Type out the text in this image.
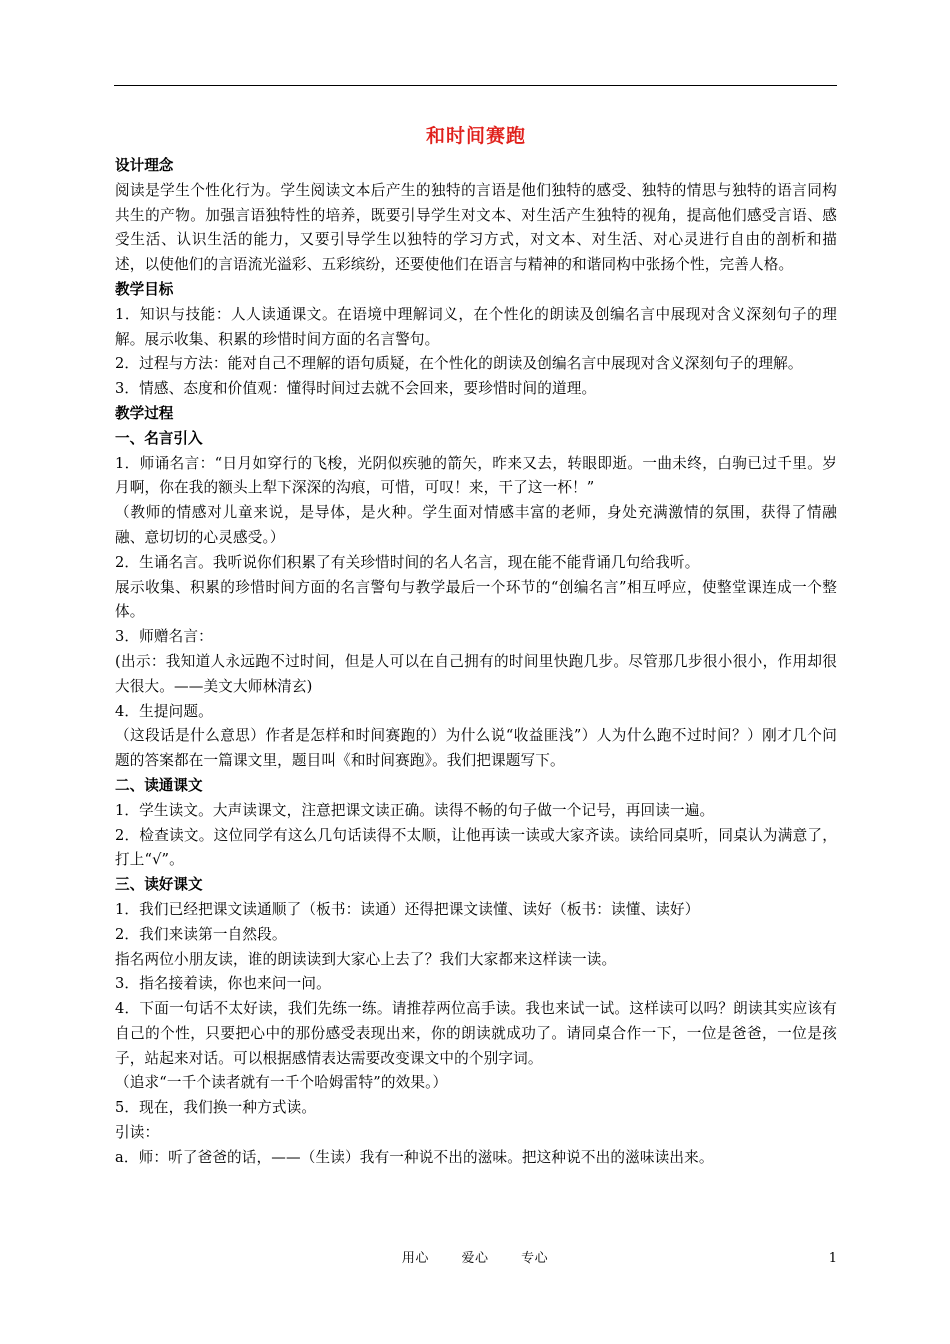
和时间赛跑
设计理念
阅读是学生个性化行为。学生阅读文本后产生的独特的言语是他们独特的感受、独特的情思与独特的语言同构共生的产物。加强言语独特性的培养，既要引导学生对文本、对生活产生独特的视角，提高他们感受言语、感受生活、认识生活的能力，又要引导学生以独特的学习方式，对文本、对生活、对心灵进行自由的剖析和描述，以使他们的言语流光溢彩、五彩缤纷，还要使他们在语言与精神的和谐同构中张扬个性，完善人格。
教学目标
1．知识与技能：人人读通课文。在语境中理解词义，在个性化的朗读及创编名言中展现对含义深刻句子的理解。展示收集、积累的珍惜时间方面的名言警句。
2．过程与方法：能对自己不理解的语句质疑，在个性化的朗读及创编名言中展现对含义深刻句子的理解。
3．情感、态度和价值观：懂得时间过去就不会回来，要珍惜时间的道理。
教学过程
一、名言引入
1．师诵名言：“日月如穿行的飞梭，光阴似疾驰的箭矢，昨来又去，转眼即逝。一曲未终，白驹已过千里。岁月啊，你在我的额头上犁下深深的沟痕，可惜，可叹！来，干了这一杯！”
（教师的情感对儿童来说，是导体，是火种。学生面对情感丰富的老师，身处充满激情的氛围，获得了情融融、意切切的心灵感受。）
2．生诵名言。我听说你们积累了有关珍惜时间的名人名言，现在能不能背诵几句给我听。
展示收集、积累的珍惜时间方面的名言警句与教学最后一个环节的“创编名言”相互呼应，使整堂课连成一个整体。
3．师赠名言：
(出示：我知道人永远跑不过时间，但是人可以在自己拥有的时间里快跑几步。尽管那几步很小很小，作用却很大很大。——美文大师林清玄)
4．生提问题。
（这段话是什么意思）作者是怎样和时间赛跑的）为什么说“收益匪浅”）人为什么跑不过时间？）刚才几个问题的答案都在一篇课文里，题目叫《和时间赛跑》。我们把课题写下。
二、读通课文
1．学生读文。大声读课文，注意把课文读正确。读得不畅的句子做一个记号，再回读一遍。
2．检查读文。这位同学有这么几句话读得不太顺，让他再读一读或大家齐读。读给同桌听，同桌认为满意了，打上“√”。
三、读好课文
1．我们已经把课文读通顺了（板书：读通）还得把课文读懂、读好（板书：读懂、读好）
2．我们来读第一自然段。
指名两位小朋友读，谁的朗读读到大家心上去了？我们大家都来这样读一读。
3．指名接着读，你也来问一问。
4．下面一句话不太好读，我们先练一练。请推荐两位高手读。我也来试一试。这样读可以吗？朗读其实应该有自己的个性，只要把心中的那份感受表现出来，你的朗读就成功了。请同桌合作一下，一位是爸爸，一位是孩子，站起来对话。可以根据感情表达需要改变课文中的个别字词。
（追求“一千个读者就有一千个哈姆雷特”的效果。）
5．现在，我们换一种方式读。
引读：
a．师：听了爸爸的话，——（生读）我有一种说不出的滋味。把这种说不出的滋味读出来。
用心	爱心	专心	1
